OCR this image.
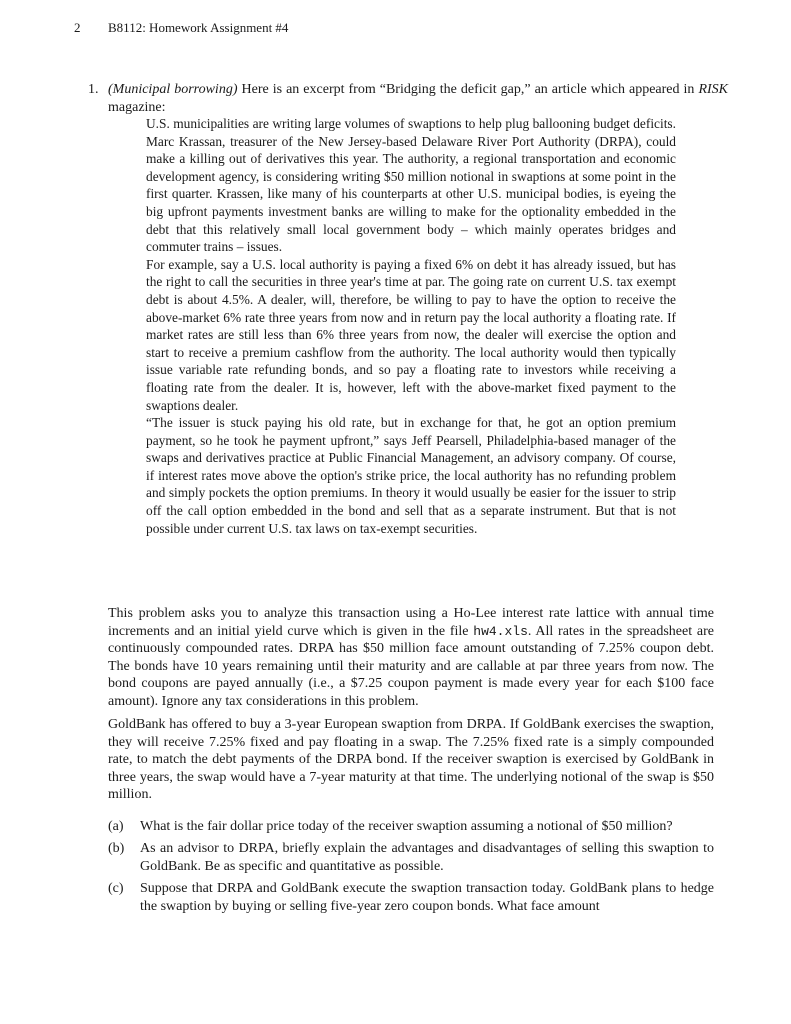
2 B8112: Homework Assignment #4

1. (Municipal borrowing) Here is an excerpt from “Bridging the deficit gap,” an article which appeared in RISK magazine:

U.S. municipalities are writing large volumes of swaptions to help plug ballooning budget deficits. Marc Krassan, treasurer of the New Jersey-based Delaware River Port Authority (DRPA), could make a killing out of derivatives this year. The authority, a regional transportation and economic development agency, is considering writing $50 million notional in swaptions at some point in the first quarter. Krassen, like many of his counterparts at other U.S. municipal bodies, is eyeing the big upfront payments investment banks are willing to make for the optionality embedded in the debt that this relatively small local government body – which mainly operates bridges and commuter trains – issues.

For example, say a U.S. local authority is paying a fixed 6% on debt it has already issued, but has the right to call the securities in three year's time at par. The going rate on current U.S. tax exempt debt is about 4.5%. A dealer, will, therefore, be willing to pay to have the option to receive the above-market 6% rate three years from now and in return pay the local authority a floating rate. If market rates are still less than 6% three years from now, the dealer will exercise the option and start to receive a premium cashflow from the authority. The local authority would then typically issue variable rate refunding bonds, and so pay a floating rate to investors while receiving a floating rate from the dealer. It is, however, left with the above-market fixed payment to the swaptions dealer.

“The issuer is stuck paying his old rate, but in exchange for that, he got an option premium payment, so he took he payment upfront,” says Jeff Pearsell, Philadelphia-based manager of the swaps and derivatives practice at Public Financial Management, an advisory company. Of course, if interest rates move above the option's strike price, the local authority has no refunding problem and simply pockets the option premiums. In theory it would usually be easier for the issuer to strip off the call option embedded in the bond and sell that as a separate instrument. But that is not possible under current U.S. tax laws on tax-exempt securities.

This problem asks you to analyze this transaction using a Ho-Lee interest rate lattice with annual time increments and an initial yield curve which is given in the file hw4.xls. All rates in the spreadsheet are continuously compounded rates. DRPA has $50 million face amount outstanding of 7.25% coupon debt. The bonds have 10 years remaining until their maturity and are callable at par three years from now. The bond coupons are payed annually (i.e., a $7.25 coupon payment is made every year for each $100 face amount). Ignore any tax considerations in this problem.

GoldBank has offered to buy a 3-year European swaption from DRPA. If GoldBank exercises the swaption, they will receive 7.25% fixed and pay floating in a swap. The 7.25% fixed rate is a simply compounded rate, to match the debt payments of the DRPA bond. If the receiver swaption is exercised by GoldBank in three years, the swap would have a 7-year maturity at that time. The underlying notional of the swap is $50 million.

(a) What is the fair dollar price today of the receiver swaption assuming a notional of $50 million?

(b) As an advisor to DRPA, briefly explain the advantages and disadvantages of selling this swaption to GoldBank. Be as specific and quantitative as possible.

(c) Suppose that DRPA and GoldBank execute the swaption transaction today. GoldBank plans to hedge the swaption by buying or selling five-year zero coupon bonds. What face amount
